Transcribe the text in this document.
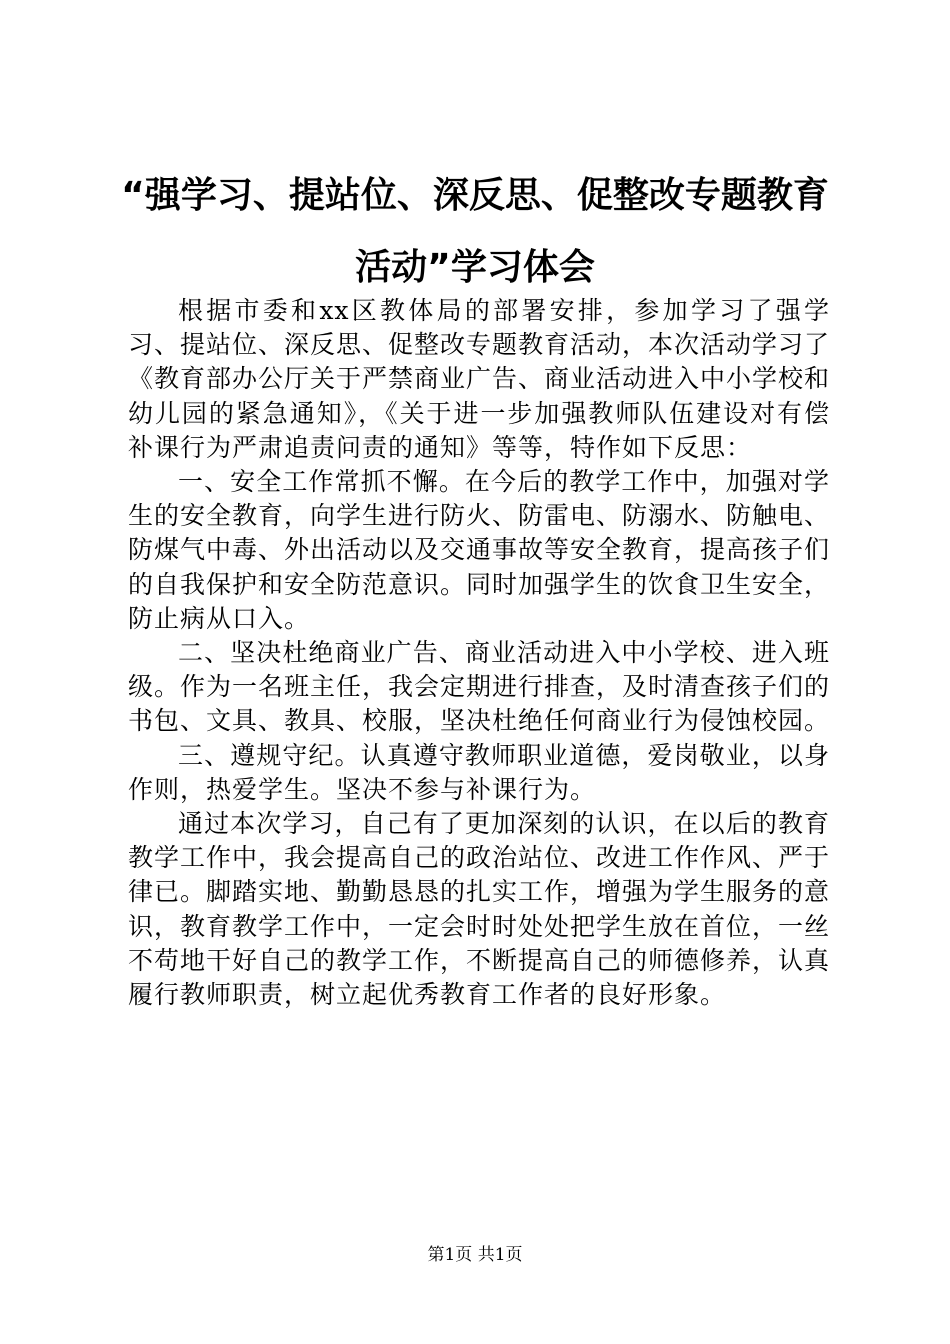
“强学习、提站位、深反思、促整改专题教育
活动”学习体会

根据市委和xx区教体局的部署安排，参加学习了强学习、提站位、深反思、促整改专题教育活动，本次活动学习了《教育部办公厅关于严禁商业广告、商业活动进入中小学校和幼儿园的紧急通知》，《关于进一步加强教师队伍建设对有偿补课行为严肃追责问责的通知》等等，特作如下反思：

一、安全工作常抓不懈。在今后的教学工作中，加强对学生的安全教育，向学生进行防火、防雷电、防溺水、防触电、防煤气中毒、外出活动以及交通事故等安全教育，提高孩子们的自我保护和安全防范意识。同时加强学生的饮食卫生安全，防止病从口入。

二、坚决杜绝商业广告、商业活动进入中小学校、进入班级。作为一名班主任，我会定期进行排查，及时清查孩子们的书包、文具、教具、校服，坚决杜绝任何商业行为侵蚀校园。

三、遵规守纪。认真遵守教师职业道德，爱岗敬业，以身作则，热爱学生。坚决不参与补课行为。

通过本次学习，自己有了更加深刻的认识，在以后的教育教学工作中，我会提高自己的政治站位、改进工作作风、严于律已。脚踏实地、勤勤恳恳的扎实工作，增强为学生服务的意识，教育教学工作中，一定会时时处处把学生放在首位，一丝不苟地干好自己的教学工作，不断提高自己的师德修养，认真履行教师职责，树立起优秀教育工作者的良好形象。

第1页 共1页
